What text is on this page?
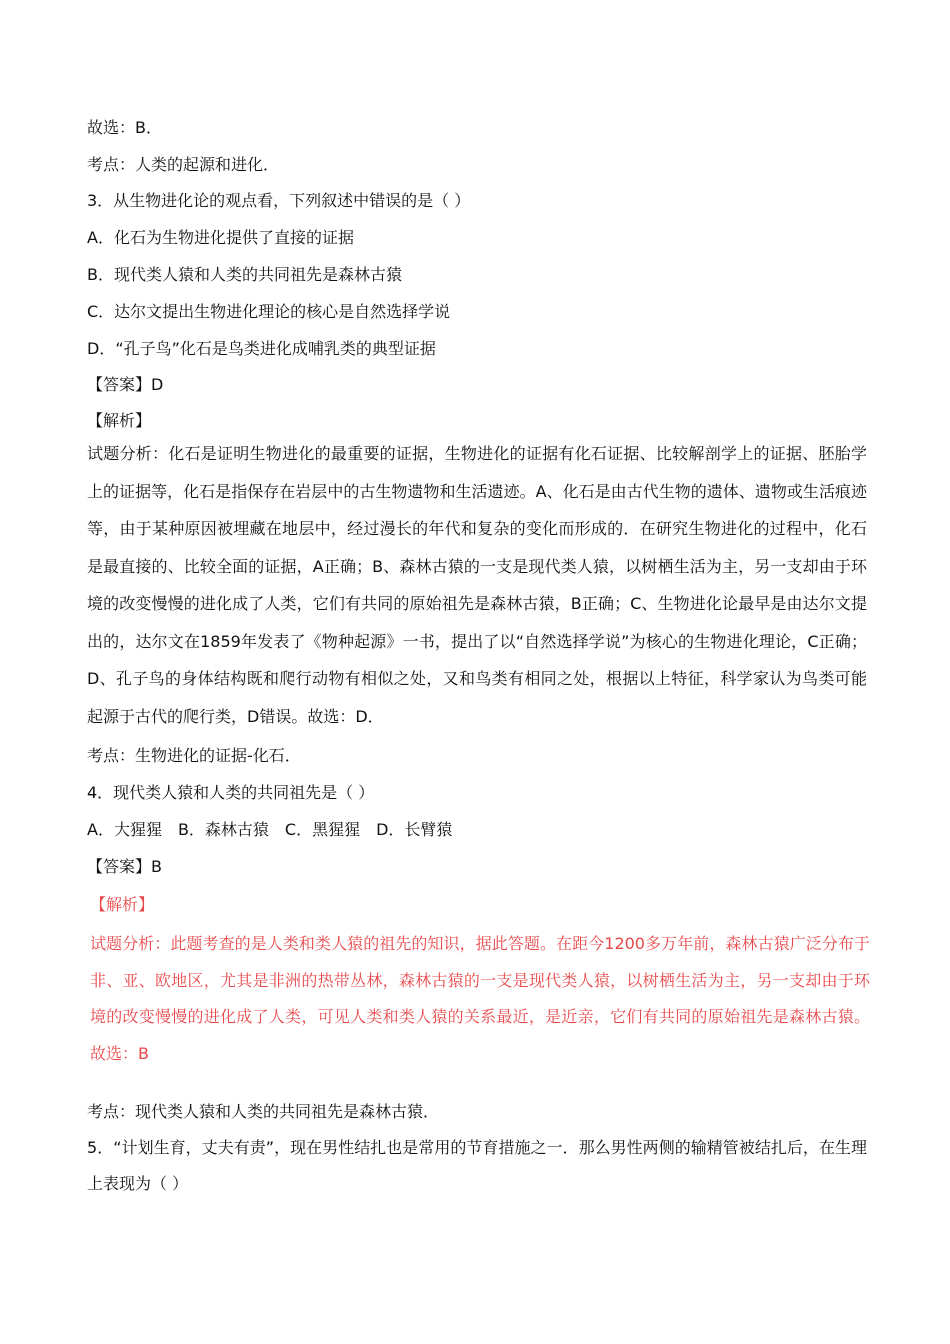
故选：B．
考点：人类的起源和进化．
3．从生物进化论的观点看，下列叙述中错误的是（ ）
A．化石为生物进化提供了直接的证据
B．现代类人猿和人类的共同祖先是森林古猿
C．达尔文提出生物进化理论的核心是自然选择学说
D．“孔子鸟”化石是鸟类进化成哺乳类的典型证据
【答案】D
【解析】
试题分析：化石是证明生物进化的最重要的证据，生物进化的证据有化石证据、比较解剖学上的证据、胚胎学上的证据等，化石是指保存在岩层中的古生物遗物和生活遗迹。A、化石是由古代生物的遗体、遗物或生活痕迹等，由于某种原因被埋藏在地层中，经过漫长的年代和复杂的变化而形成的．在研究生物进化的过程中，化石是最直接的、比较全面的证据，A正确；B、森林古猿的一支是现代类人猿，以树栖生活为主，另一支却由于环境的改变慢慢的进化成了人类，它们有共同的原始祖先是森林古猿，B正确；C、生物进化论最早是由达尔文提出的，达尔文在1859年发表了《物种起源》一书，提出了以“自然选择学说”为核心的生物进化理论，C正确；D、孔子鸟的身体结构既和爬行动物有相似之处，又和鸟类有相同之处，根据以上特征，科学家认为鸟类可能起源于古代的爬行类，D错误。故选：D．
考点：生物进化的证据-化石．
4．现代类人猿和人类的共同祖先是（ ）
A．大猩猩　B．森林古猿　C．黑猩猩　D．长臂猿
【答案】B
【解析】
试题分析：此题考查的是人类和类人猿的祖先的知识，据此答题。在距今1200多万年前，森林古猿广泛分布于非、亚、欧地区，尤其是非洲的热带丛林，森林古猿的一支是现代类人猿，以树栖生活为主，另一支却由于环境的改变慢慢的进化成了人类，可见人类和类人猿的关系最近，是近亲，它们有共同的原始祖先是森林古猿。故选：B
考点：现代类人猿和人类的共同祖先是森林古猿．
5．“计划生育，丈夫有责”，现在男性结扎也是常用的节育措施之一．那么男性两侧的输精管被结扎后，在生理上表现为（ ）
